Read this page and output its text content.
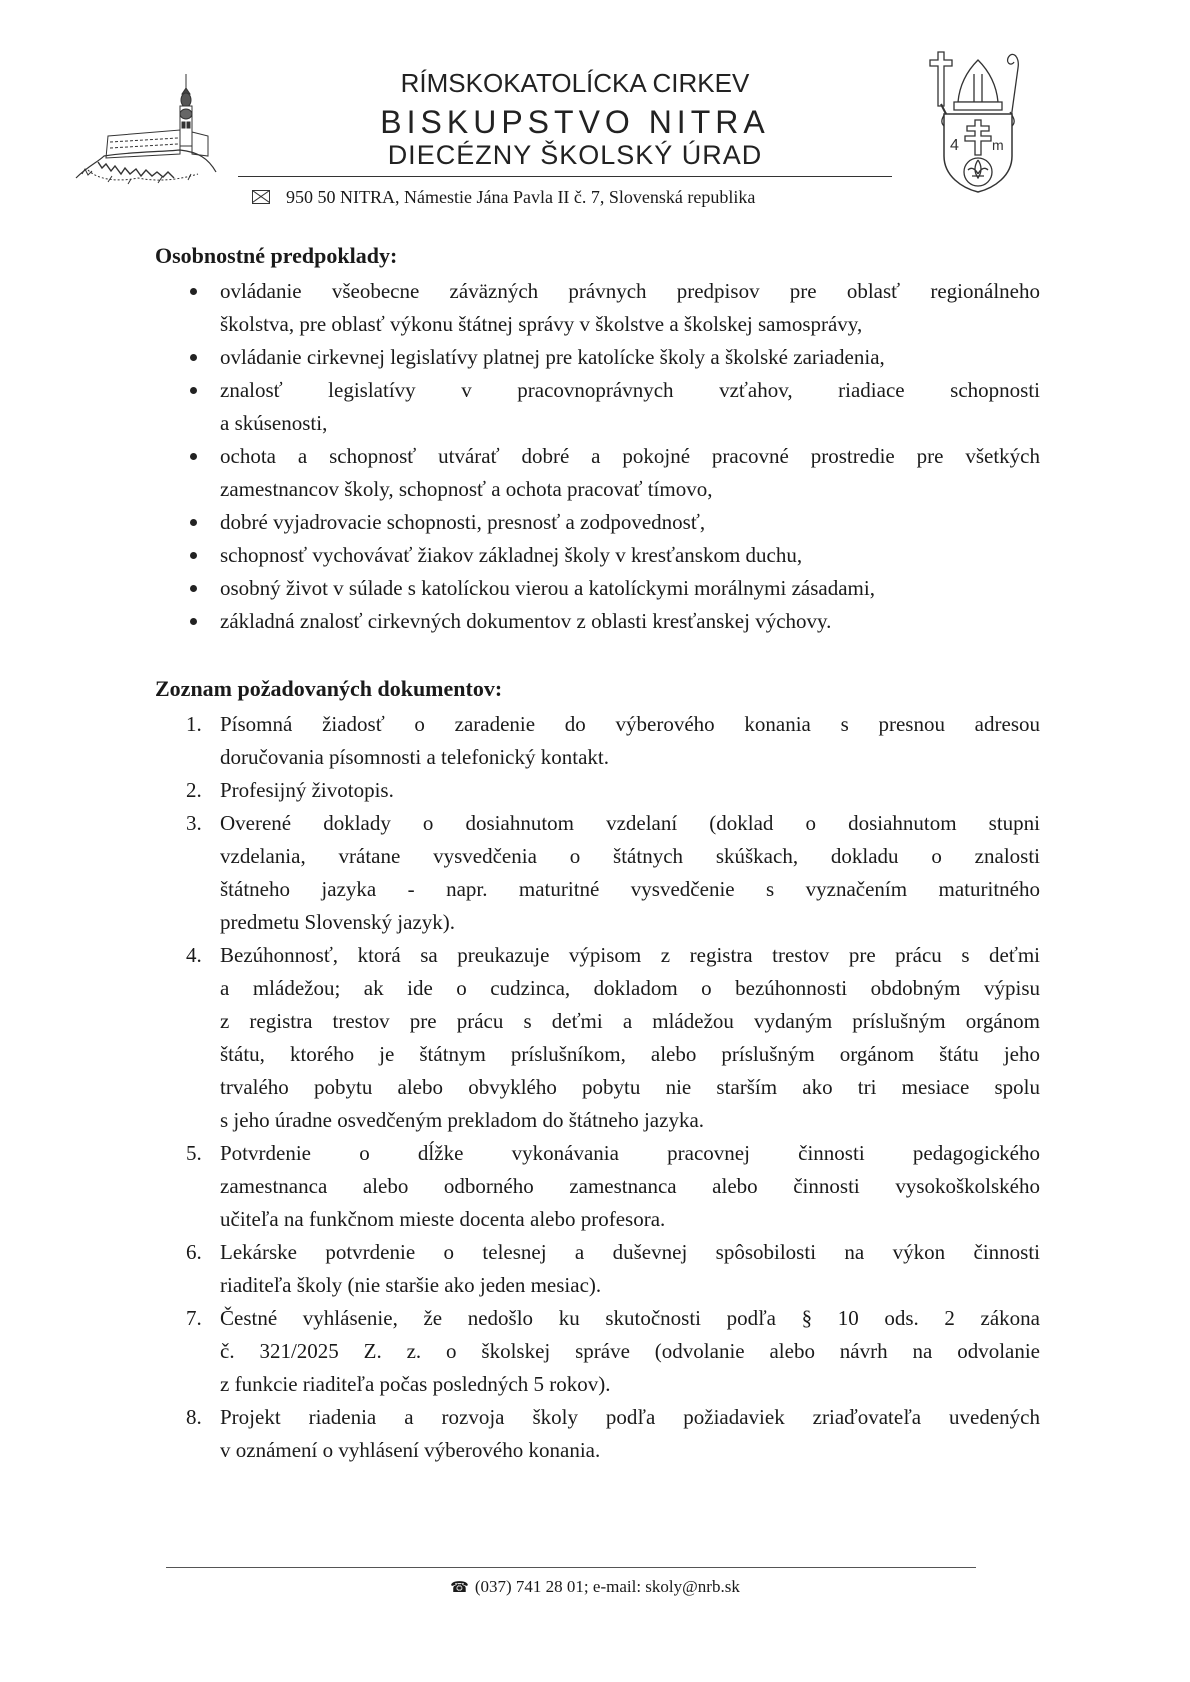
RÍMSKOKATOLÍCKA CIRKEV
BISKUPSTVO NITRA
DIECÉZNY ŠKOLSKÝ ÚRAD
950 50 NITRA, Námestie Jána Pavla II č. 7, Slovenská republika
4 m
Osobnostné predpoklady:
ovládanie všeobecne záväzných právnych predpisov pre oblasť regionálneho
školstva, pre oblasť výkonu štátnej správy v školstve a školskej samosprávy,
ovládanie cirkevnej legislatívy platnej pre katolícke školy a školské zariadenia,
znalosť legislatívy v pracovnoprávnych vzťahov, riadiace schopnosti
a skúsenosti,
ochota a schopnosť utvárať dobré a pokojné pracovné prostredie pre všetkých
zamestnancov školy, schopnosť a ochota pracovať tímovo,
dobré vyjadrovacie schopnosti, presnosť a zodpovednosť,
schopnosť vychovávať žiakov základnej školy v kresťanskom duchu,
osobný život v súlade s katolíckou vierou a katolíckymi morálnymi zásadami,
základná znalosť cirkevných dokumentov z oblasti kresťanskej výchovy.
Zoznam požadovaných dokumentov:
1. Písomná žiadosť o zaradenie do výberového konania s presnou adresou
doručovania písomnosti a telefonický kontakt.
2. Profesijný životopis.
3. Overené doklady o dosiahnutom vzdelaní (doklad o dosiahnutom stupni
vzdelania, vrátane vysvedčenia o štátnych skúškach, dokladu o znalosti
štátneho jazyka - napr. maturitné vysvedčenie s vyznačením maturitného
predmetu Slovenský jazyk).
4. Bezúhonnosť, ktorá sa preukazuje výpisom z registra trestov pre prácu s deťmi
a mládežou; ak ide o cudzinca, dokladom o bezúhonnosti obdobným výpisu
z registra trestov pre prácu s deťmi a mládežou vydaným príslušným orgánom
štátu, ktorého je štátnym príslušníkom, alebo príslušným orgánom štátu jeho
trvalého pobytu alebo obvyklého pobytu nie starším ako tri mesiace spolu
s jeho úradne osvedčeným prekladom do štátneho jazyka.
5. Potvrdenie o dĺžke vykonávania pracovnej činnosti pedagogického
zamestnanca alebo odborného zamestnanca alebo činnosti vysokoškolského
učiteľa na funkčnom mieste docenta alebo profesora.
6. Lekárske potvrdenie o telesnej a duševnej spôsobilosti na výkon činnosti
riaditeľa školy (nie staršie ako jeden mesiac).
7. Čestné vyhlásenie, že nedošlo ku skutočnosti podľa § 10 ods. 2 zákona
č. 321/2025 Z. z. o školskej správe (odvolanie alebo návrh na odvolanie
z funkcie riaditeľa počas posledných 5 rokov).
8. Projekt riadenia a rozvoja školy podľa požiadaviek zriaďovateľa uvedených
v oznámení o vyhlásení výberového konania.
☎ (037) 741 28 01; e-mail: skoly@nrb.sk
